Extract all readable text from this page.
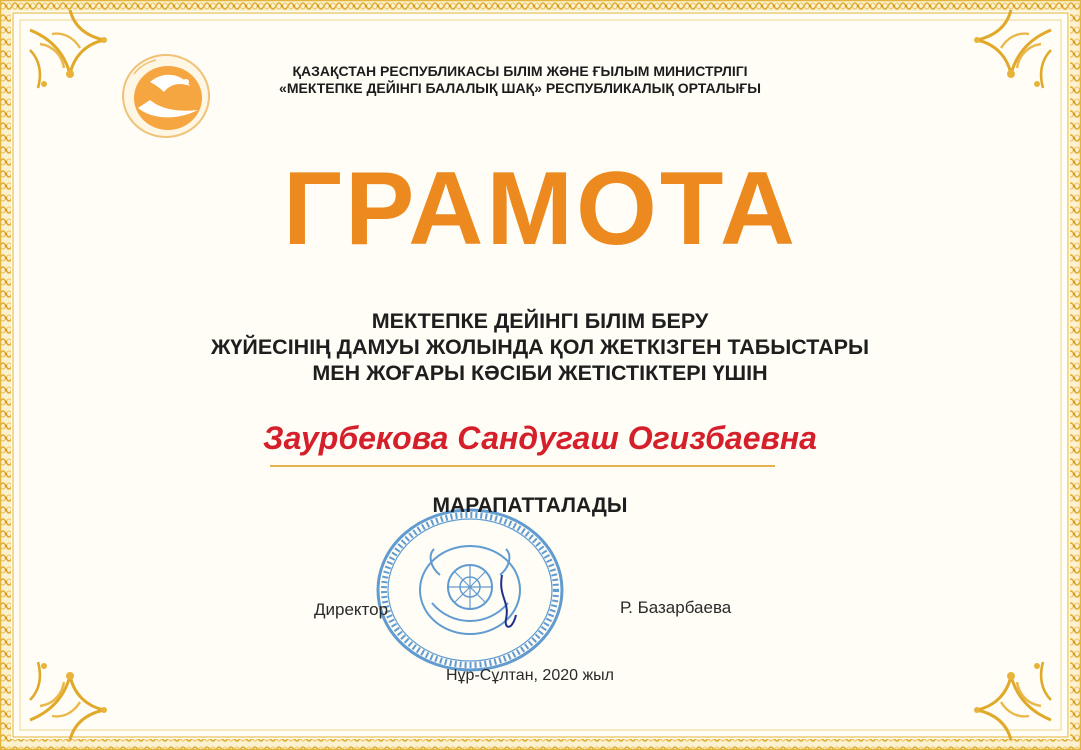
ҚАЗАҚСТАН РЕСПУБЛИКАСЫ БІЛІМ ЖӘНЕ ҒЫЛЫМ МИНИСТРЛІГІ
«МЕКТЕПКЕ ДЕЙІНГІ БАЛАЛЫҚ ШАҚ» РЕСПУБЛИКАЛЫҚ ОРТАЛЫҒЫ
ГРАМОТА
МЕКТЕПКЕ ДЕЙІНГІ БІЛІМ БЕРУ
ЖҮЙЕСІНІҢ ДАМУЫ ЖОЛЫНДА ҚОЛ ЖЕТКІЗГЕН ТАБЫСТАРЫ
МЕН ЖОҒАРЫ КӘСІБИ ЖЕТІСТІКТЕРІ ҮШІН
Заурбекова Сандугаш Огизбаевна
МАРАПАТТАЛАДЫ
Директор	Р. Базарбаева
Нұр-Сұлтан, 2020 жыл
